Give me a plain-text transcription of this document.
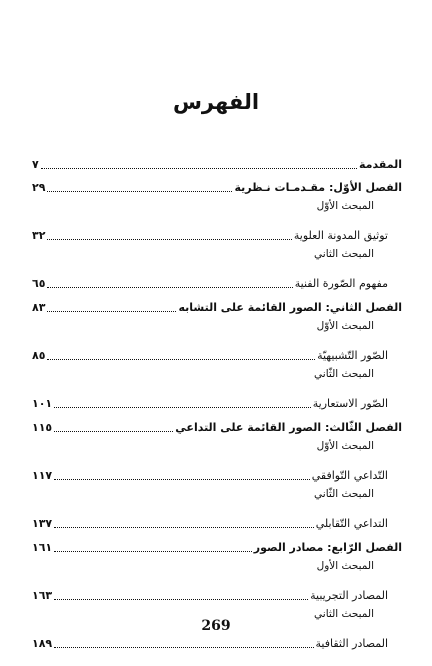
الفهرس
المقدمة
٧
الفصل الأوّل: مقـدمـات نـظرية
٢٩
المبحث الأوّل
توثيق المدونة العلوية
٣٢
المبحث الثاني
مفهوم الصّورة الفنية
٦٥
الفصل الثاني: الصور القائمة على التشابه
٨٣
المبحث الأوّل
الصّور التّشبيهيّة
٨٥
المبحث الثّاني
الصّور الاستعارية
١٠١
الفصل الثّالث: الصور القائمة على التداعي
١١٥
المبحث الأوّل
التّداعي التّوافقي
١١٧
المبحث الثّاني
التداعي التّقابلي
١٣٧
الفصل الرّابع: مصادر الصور
١٦١
المبحث الأول
المصادر التجريبية
١٦٣
المبحث الثاني
المصادر الثقافية
١٨٩
269
